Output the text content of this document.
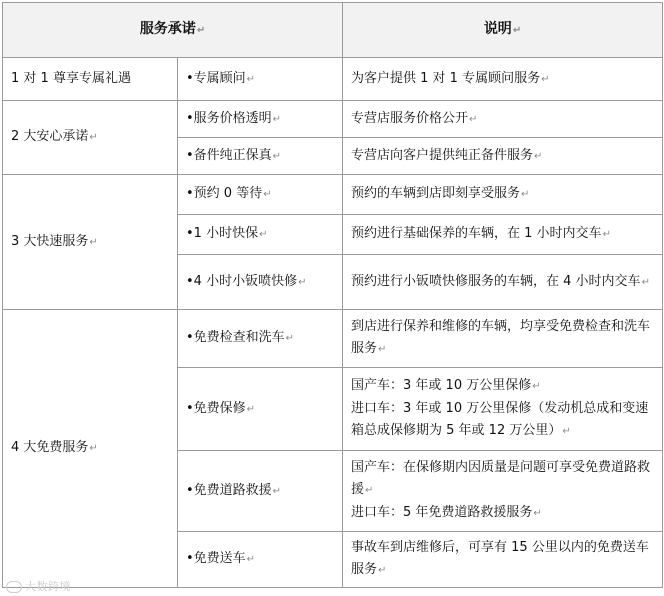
服务承诺↵		说明↵
1 对 1 尊享专属礼遇	•专属顾问↵	为客户提供 1 对 1 专属顾问服务↵
2 大安心承诺↵	•服务价格透明↵	专营店服务价格公开↵
	•备件纯正保真↵	专营店向客户提供纯正备件服务↵
3 大快速服务↵	•预约 0 等待↵	预约的车辆到店即刻享受服务↵
	•1 小时快保↵	预约进行基础保养的车辆，在 1 小时内交车↵
	•4 小时小钣喷快修↵	预约进行小钣喷快修服务的车辆，在 4 小时内交车↵
4 大免费服务↵	•免费检查和洗车↵	到店进行保养和维修的车辆，均享受免费检查和洗车服务↵
	•免费保修↵	国产车：3 年或 10 万公里保修↵
进口车：3 年或 10 万公里保修（发动机总成和变速箱总成保修期为 5 年或 12 万公里）↵

	•免费道路救援↵	国产车：在保修期内因质量是问题可享受免费道路救援↵
进口车：5 年免费道路救援服务↵

	•免费送车↵	事故车到店维修后，可享有 15 公里以内的免费送车服务↵
大数跨境
